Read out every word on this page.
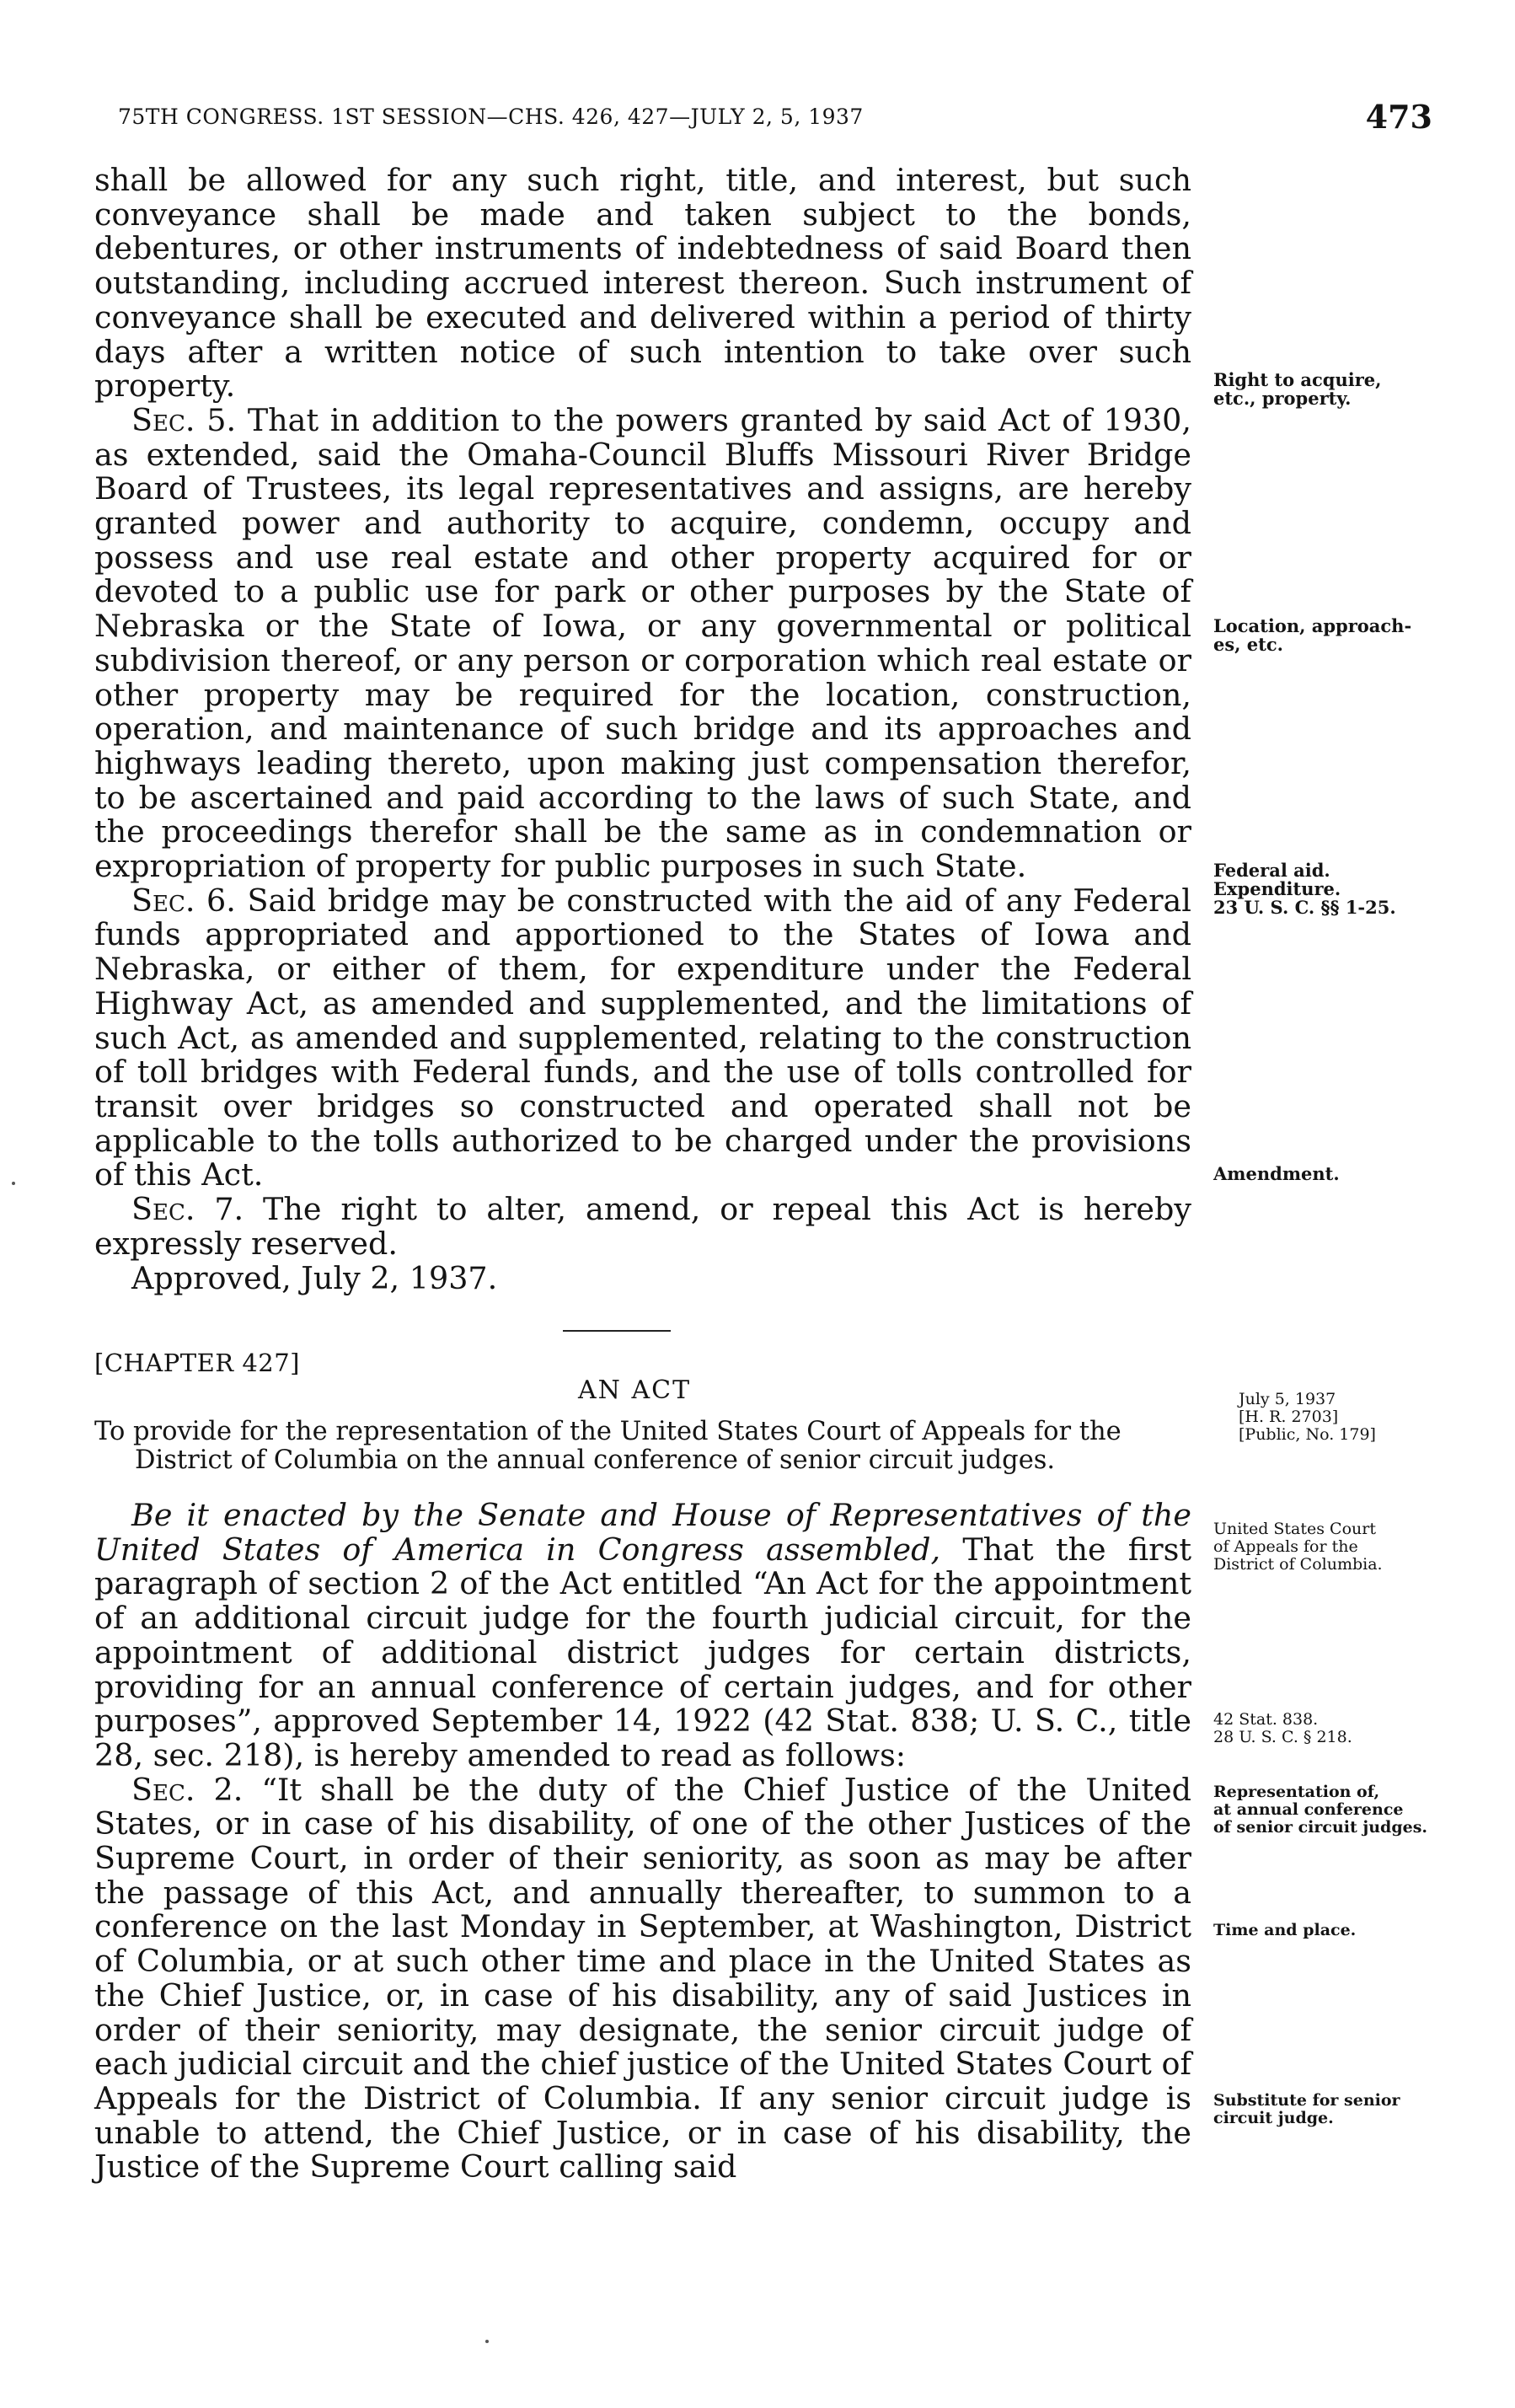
75TH CONGRESS. 1ST SESSION—CHS. 426, 427—JULY 2, 5, 1937	473

shall be allowed for any such right, title, and interest, but such conveyance shall be made and taken subject to the bonds, debentures, or other instruments of indebtedness of said Board then outstanding, including accrued interest thereon. Such instrument of conveyance shall be executed and delivered within a period of thirty days after a written notice of such intention to take over such property.

Sec. 5. That in addition to the powers granted by said Act of 1930, as extended, said the Omaha-Council Bluffs Missouri River Bridge Board of Trustees, its legal representatives and assigns, are hereby granted power and authority to acquire, condemn, occupy and possess and use real estate and other property acquired for or devoted to a public use for park or other purposes by the State of Nebraska or the State of Iowa, or any governmental or political subdivision thereof, or any person or corporation which real estate or other property may be required for the location, construction, operation, and maintenance of such bridge and its approaches and highways leading thereto, upon making just compensation therefor, to be ascertained and paid according to the laws of such State, and the proceedings therefor shall be the same as in condemnation or expropriation of property for public purposes in such State.

Sec. 6. Said bridge may be constructed with the aid of any Federal funds appropriated and apportioned to the States of Iowa and Nebraska, or either of them, for expenditure under the Federal Highway Act, as amended and supplemented, and the limitations of such Act, as amended and supplemented, relating to the construction of toll bridges with Federal funds, and the use of tolls controlled for transit over bridges so constructed and operated shall not be applicable to the tolls authorized to be charged under the provisions of this Act.

Sec. 7. The right to alter, amend, or repeal this Act is hereby expressly reserved.

Approved, July 2, 1937.

[CHAPTER 427]
AN ACT
To provide for the representation of the United States Court of Appeals for the
District of Columbia on the annual conference of senior circuit judges.

Be it enacted by the Senate and House of Representatives of the United States of America in Congress assembled, That the first paragraph of section 2 of the Act entitled “An Act for the appointment of an additional circuit judge for the fourth judicial circuit, for the appointment of additional district judges for certain districts, providing for an annual conference of certain judges, and for other purposes”, approved September 14, 1922 (42 Stat. 838; U. S. C., title 28, sec. 218), is hereby amended to read as follows:

Sec. 2. “It shall be the duty of the Chief Justice of the United States, or in case of his disability, of one of the other Justices of the Supreme Court, in order of their seniority, as soon as may be after the passage of this Act, and annually thereafter, to summon to a conference on the last Monday in September, at Washington, District of Columbia, or at such other time and place in the United States as the Chief Justice, or, in case of his disability, any of said Justices in order of their seniority, may designate, the senior circuit judge of each judicial circuit and the chief justice of the United States Court of Appeals for the District of Columbia. If any senior circuit judge is unable to attend, the Chief Justice, or in case of his disability, the Justice of the Supreme Court calling said

Right to acquire,
etc., property.
Location, approach-
es, etc.
Federal aid.
Expenditure.
23 U. S. C. §§ 1-25.
Amendment.
July 5, 1937
[H. R. 2703]
[Public, No. 179]
United States Court
of Appeals for the
District of Columbia.
42 Stat. 838.
28 U. S. C. § 218.
Representation of,
at annual conference
of senior circuit judges.
Time and place.
Substitute for senior
circuit judge.
